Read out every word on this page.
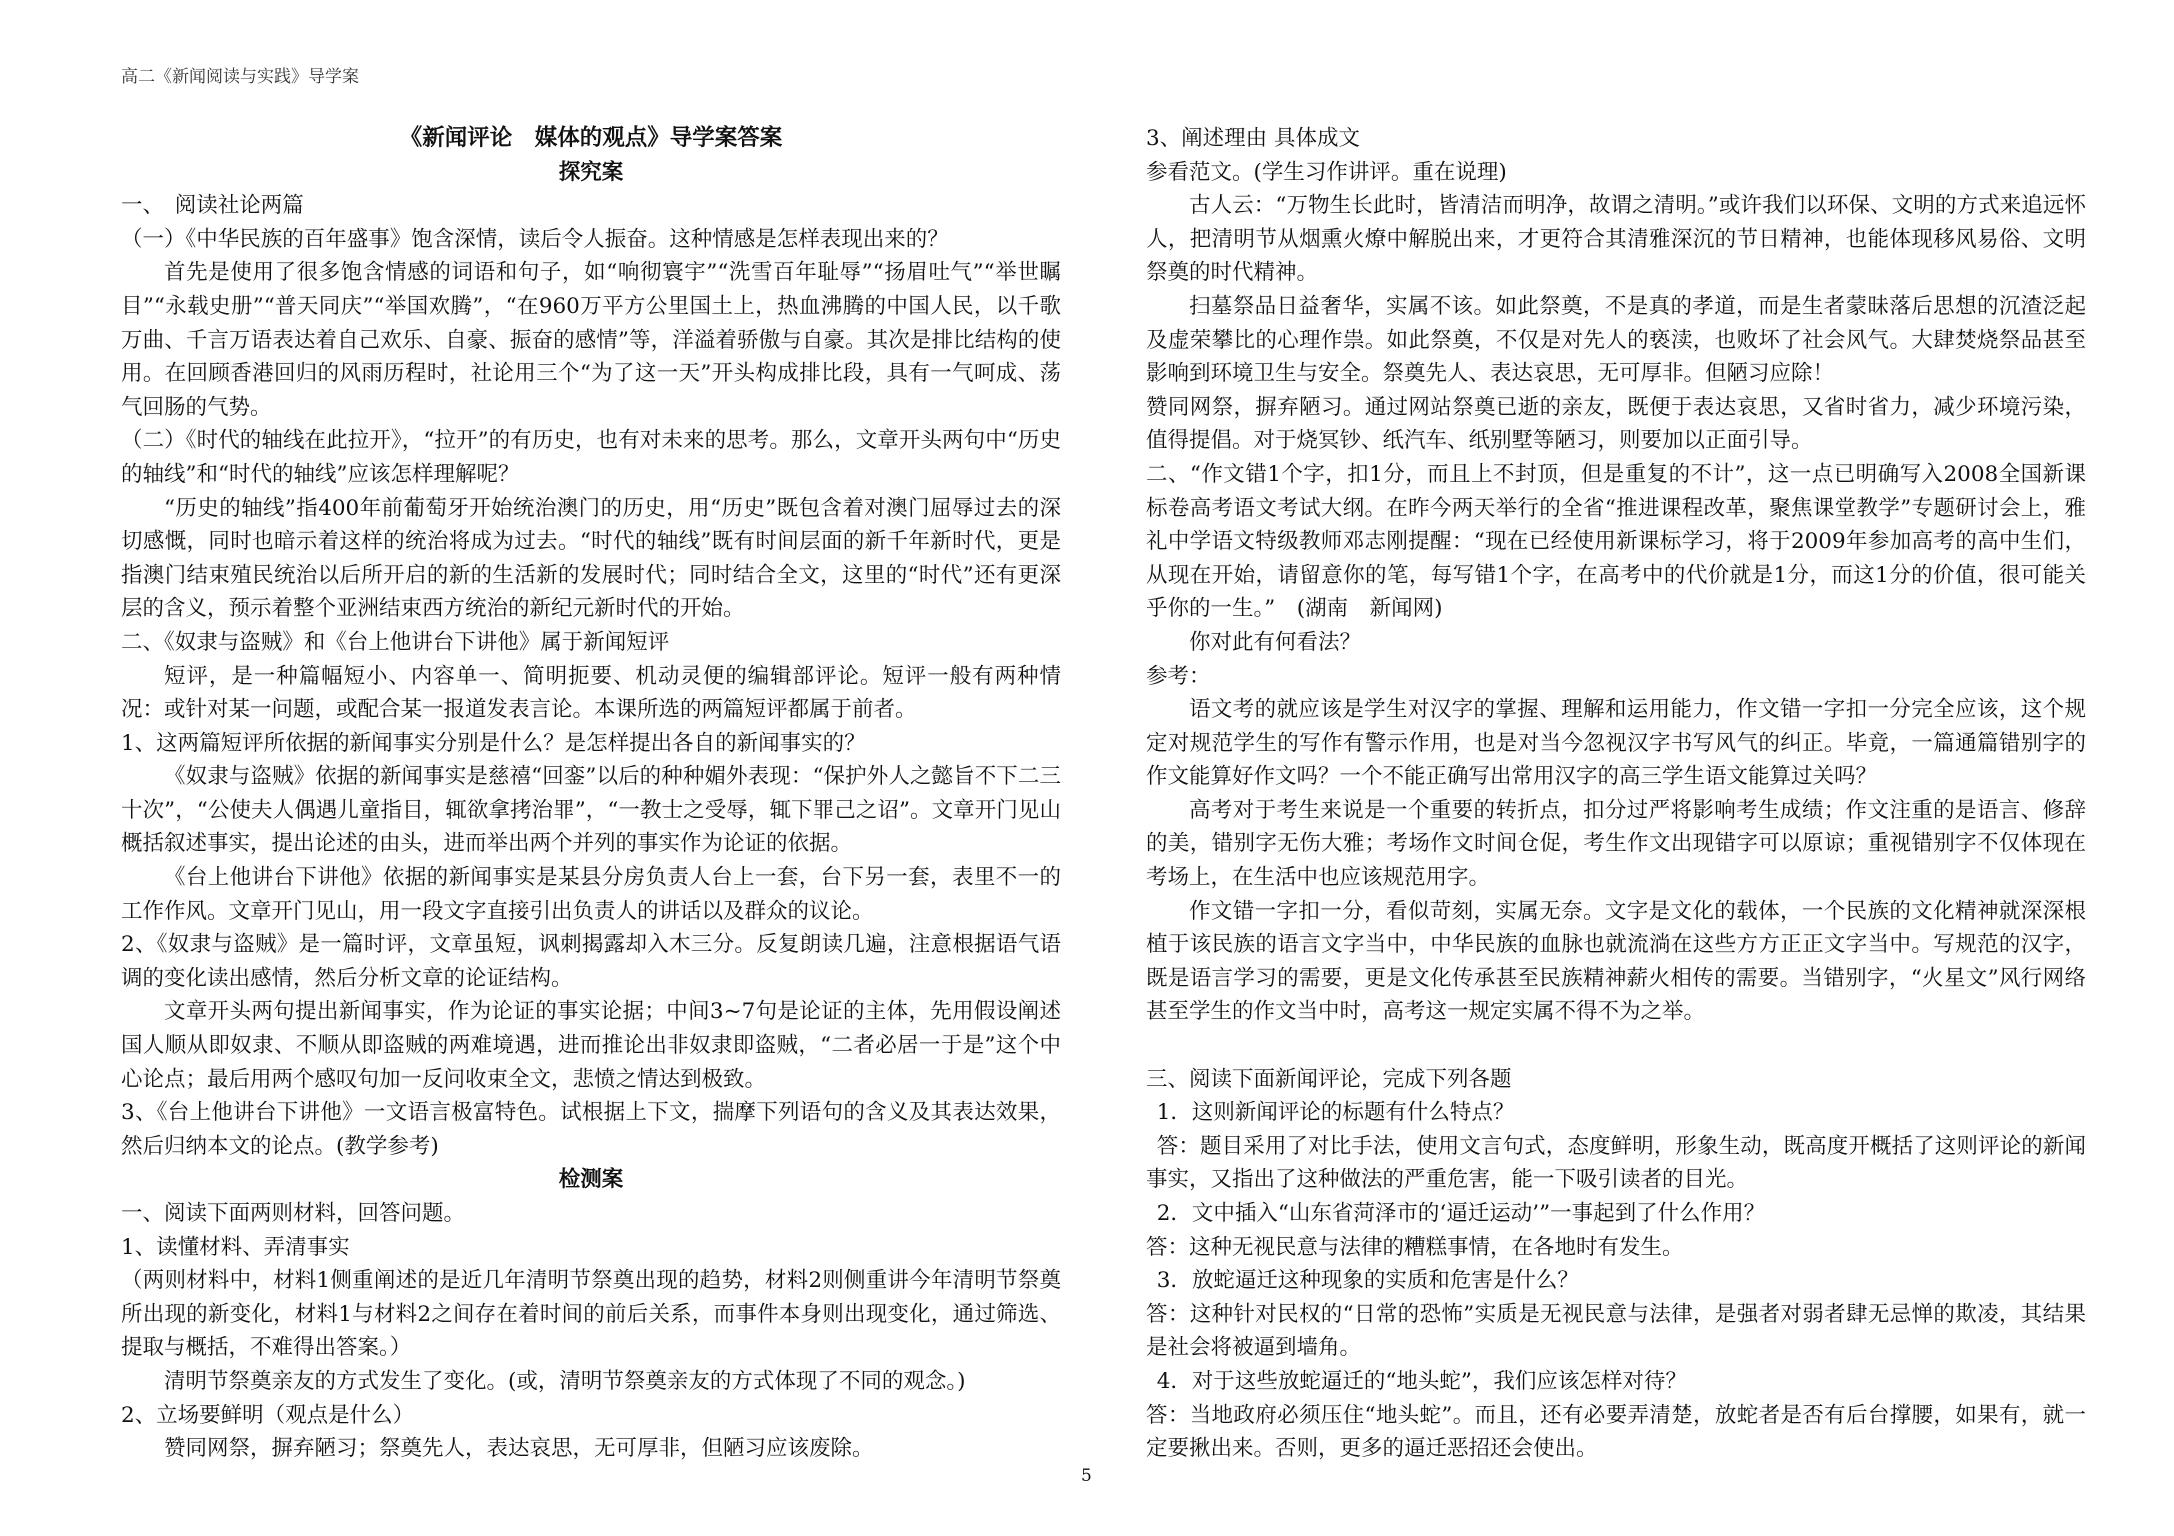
高二《新闻阅读与实践》导学案

《新闻评论　媒体的观点》导学案答案

探究案

一、　阅读社论两篇

（一）《中华民族的百年盛事》饱含深情，读后令人振奋。这种情感是怎样表现出来的？

首先是使用了很多饱含情感的词语和句子，如“响彻寰宇”“洗雪百年耻辱”“扬眉吐气”“举世瞩目”“永载史册”“普天同庆”“举国欢腾”，“在960万平方公里国土上，热血沸腾的中国人民，以千歌万曲、千言万语表达着自己欢乐、自豪、振奋的感情”等，洋溢着骄傲与自豪。其次是排比结构的使用。在回顾香港回归的风雨历程时，社论用三个“为了这一天”开头构成排比段，具有一气呵成、荡气回肠的气势。

（二）《时代的轴线在此拉开》，“拉开”的有历史，也有对未来的思考。那么，文章开头两句中“历史的轴线”和“时代的轴线”应该怎样理解呢？

“历史的轴线”指400年前葡萄牙开始统治澳门的历史，用“历史”既包含着对澳门屈辱过去的深切感慨，同时也暗示着这样的统治将成为过去。“时代的轴线”既有时间层面的新千年新时代，更是指澳门结束殖民统治以后所开启的新的生活新的发展时代；同时结合全文，这里的“时代”还有更深层的含义，预示着整个亚洲结束西方统治的新纪元新时代的开始。

二、《奴隶与盗贼》和《台上他讲台下讲他》属于新闻短评

短评，是一种篇幅短小、内容单一、简明扼要、机动灵便的编辑部评论。短评一般有两种情况：或针对某一问题，或配合某一报道发表言论。本课所选的两篇短评都属于前者。

1、这两篇短评所依据的新闻事实分别是什么？是怎样提出各自的新闻事实的？

《奴隶与盗贼》依据的新闻事实是慈禧“回銮”以后的种种媚外表现：“保护外人之懿旨不下二三十次”，“公使夫人偶遇儿童指目，辄欲拿拷治罪”，“一教士之受辱，辄下罪己之诏”。文章开门见山概括叙述事实，提出论述的由头，进而举出两个并列的事实作为论证的依据。

《台上他讲台下讲他》依据的新闻事实是某县分房负责人台上一套，台下另一套，表里不一的工作作风。文章开门见山，用一段文字直接引出负责人的讲话以及群众的议论。

2、《奴隶与盗贼》是一篇时评，文章虽短，讽刺揭露却入木三分。反复朗读几遍，注意根据语气语调的变化读出感情，然后分析文章的论证结构。

文章开头两句提出新闻事实，作为论证的事实论据；中间3~7句是论证的主体，先用假设阐述国人顺从即奴隶、不顺从即盗贼的两难境遇，进而推论出非奴隶即盗贼，“二者必居一于是”这个中心论点；最后用两个感叹句加一反问收束全文，悲愤之情达到极致。

3、《台上他讲台下讲他》一文语言极富特色。试根据上下文，揣摩下列语句的含义及其表达效果，然后归纳本文的论点。(教学参考)

检测案

一、阅读下面两则材料，回答问题。

1、读懂材料、弄清事实

（两则材料中，材料1侧重阐述的是近几年清明节祭奠出现的趋势，材料2则侧重讲今年清明节祭奠所出现的新变化，材料1与材料2之间存在着时间的前后关系，而事件本身则出现变化，通过筛选、提取与概括，不难得出答案。）

清明节祭奠亲友的方式发生了变化。(或，清明节祭奠亲友的方式体现了不同的观念。)

2、立场要鲜明（观点是什么）

赞同网祭，摒弃陋习；祭奠先人，表达哀思，无可厚非，但陋习应该废除。

3、阐述理由 具体成文

参看范文。(学生习作讲评。重在说理)

古人云：“万物生长此时，皆清洁而明净，故谓之清明。”或许我们以环保、文明的方式来追远怀人，把清明节从烟熏火燎中解脱出来，才更符合其清雅深沉的节日精神，也能体现移风易俗、文明祭奠的时代精神。

扫墓祭品日益奢华，实属不该。如此祭奠，不是真的孝道，而是生者蒙昧落后思想的沉渣泛起及虚荣攀比的心理作祟。如此祭奠，不仅是对先人的亵渎，也败坏了社会风气。大肆焚烧祭品甚至影响到环境卫生与安全。祭奠先人、表达哀思，无可厚非。但陋习应除！

赞同网祭，摒弃陋习。通过网站祭奠已逝的亲友，既便于表达哀思，又省时省力，减少环境污染，值得提倡。对于烧冥钞、纸汽车、纸别墅等陋习，则要加以正面引导。

二、“作文错1个字，扣1分，而且上不封顶，但是重复的不计”，这一点已明确写入2008全国新课标卷高考语文考试大纲。在昨今两天举行的全省“推进课程改革，聚焦课堂教学”专题研讨会上，雅礼中学语文特级教师邓志刚提醒：“现在已经使用新课标学习，将于2009年参加高考的高中生们，从现在开始，请留意你的笔，每写错1个字，在高考中的代价就是1分，而这1分的价值，很可能关乎你的一生。”　(湖南　新闻网)

你对此有何看法？

参考：

语文考的就应该是学生对汉字的掌握、理解和运用能力，作文错一字扣一分完全应该，这个规定对规范学生的写作有警示作用，也是对当今忽视汉字书写风气的纠正。毕竟，一篇通篇错别字的作文能算好作文吗？一个不能正确写出常用汉字的高三学生语文能算过关吗？

高考对于考生来说是一个重要的转折点，扣分过严将影响考生成绩；作文注重的是语言、修辞的美，错别字无伤大雅；考场作文时间仓促，考生作文出现错字可以原谅；重视错别字不仅体现在考场上，在生活中也应该规范用字。

作文错一字扣一分，看似苛刻，实属无奈。文字是文化的载体，一个民族的文化精神就深深根植于该民族的语言文字当中，中华民族的血脉也就流淌在这些方方正正文字当中。写规范的汉字，既是语言学习的需要，更是文化传承甚至民族精神薪火相传的需要。当错别字，“火星文”风行网络甚至学生的作文当中时，高考这一规定实属不得不为之举。

三、阅读下面新闻评论，完成下列各题

1．这则新闻评论的标题有什么特点？

答：题目采用了对比手法，使用文言句式，态度鲜明，形象生动，既高度开概括了这则评论的新闻事实，又指出了这种做法的严重危害，能一下吸引读者的目光。

2．文中插入“山东省菏泽市的‘逼迁运动’”一事起到了什么作用？

答：这种无视民意与法律的糟糕事情，在各地时有发生。

3．放蛇逼迁这种现象的实质和危害是什么？

答：这种针对民权的“日常的恐怖”实质是无视民意与法律，是强者对弱者肆无忌惮的欺凌，其结果是社会将被逼到墙角。

4．对于这些放蛇逼迁的“地头蛇”，我们应该怎样对待？

答：当地政府必须压住“地头蛇”。而且，还有必要弄清楚，放蛇者是否有后台撑腰，如果有，就一定要揪出来。否则，更多的逼迁恶招还会使出。

5
